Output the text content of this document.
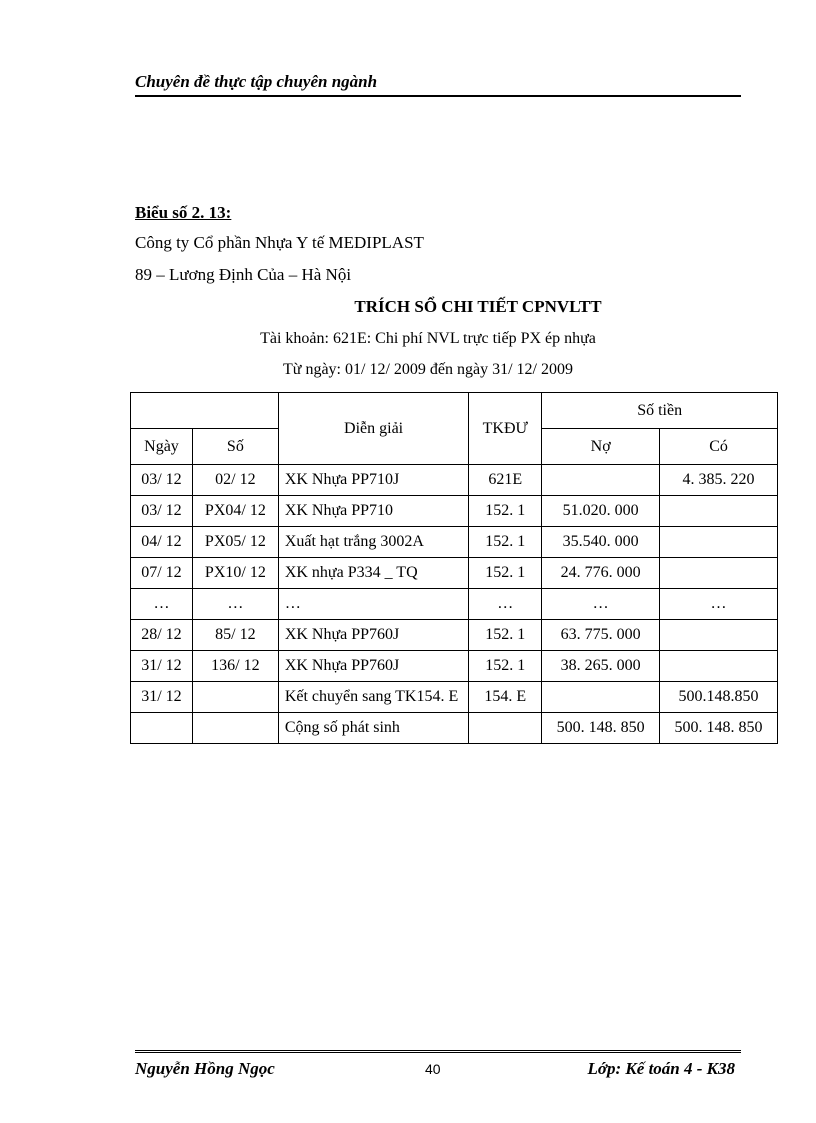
Chuyên đề thực tập chuyên ngành
Biểu số 2. 13:
Công ty Cổ phần Nhựa Y tế MEDIPLAST
89 – Lương Định Của – Hà Nội
TRÍCH SỔ CHI TIẾT CPNVLTT
Tài khoản: 621E: Chi phí NVL trực tiếp PX ép nhựa
Từ ngày: 01/ 12/ 2009 đến ngày 31/ 12/ 2009
		Diễn giải	TKĐƯ	Số tiền	
Ngày	Số			Nợ	Có
03/ 12	02/ 12	XK Nhựa PP710J	621E		4. 385. 220
03/ 12	PX04/ 12	XK Nhựa PP710	152. 1	51.020. 000	
04/ 12	PX05/ 12	Xuất hạt trắng 3002A	152. 1	35.540. 000	
07/ 12	PX10/ 12	XK nhựa P334 _ TQ	152. 1	24. 776. 000	
…	…	…	…	…	…
28/ 12	85/ 12	XK Nhựa PP760J	152. 1	63. 775. 000	
31/ 12	136/ 12	XK Nhựa PP760J	152. 1	38. 265. 000	
31/ 12		Kết chuyển sang TK154. E	154. E		500.148.850
		Cộng số phát sinh		500. 148. 850	500. 148. 850
Nguyễn Hồng Ngọc	40	Lớp: Kế toán 4 - K38
